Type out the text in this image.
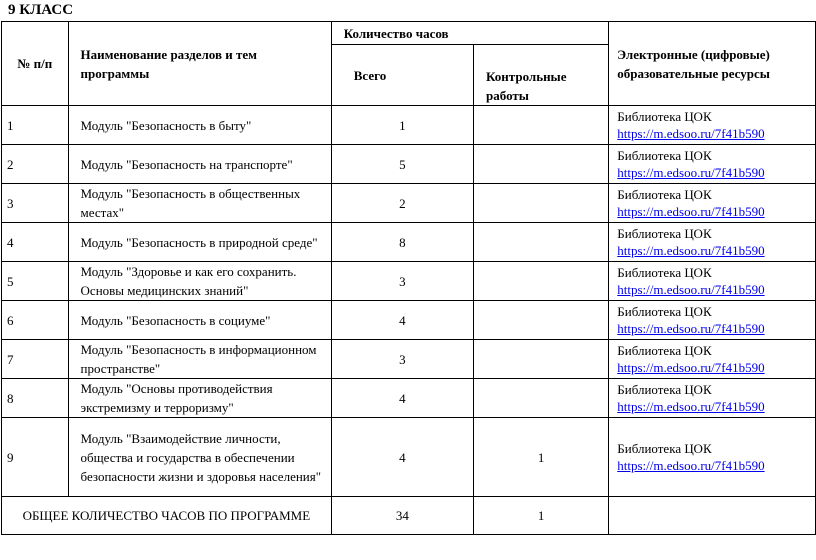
9 КЛАСС
№ п/п	Наименование разделов и тем программы	Количество часов		Электронные (цифровые) образовательные ресурсы
		Всего	Контрольные работы	
1	Модуль "Безопасность в быту"	1		Библиотека ЦОК
https://m.edsoo.ru/7f41b590

2	Модуль "Безопасность на транспорте"	5		Библиотека ЦОК
https://m.edsoo.ru/7f41b590

3	Модуль "Безопасность в общественных местах"	2		Библиотека ЦОК
https://m.edsoo.ru/7f41b590

4	Модуль "Безопасность в природной среде"	8		Библиотека ЦОК
https://m.edsoo.ru/7f41b590

5	Модуль "Здоровье и как его сохранить. Основы медицинских знаний"	3		Библиотека ЦОК
https://m.edsoo.ru/7f41b590

6	Модуль "Безопасность в социуме"	4		Библиотека ЦОК
https://m.edsoo.ru/7f41b590

7	Модуль "Безопасность в информационном пространстве"	3		Библиотека ЦОК
https://m.edsoo.ru/7f41b590

8	Модуль "Основы противодействия экстремизму и терроризму"	4		Библиотека ЦОК
https://m.edsoo.ru/7f41b590

9	Модуль "Взаимодействие личности, общества и государства в обеспечении безопасности жизни и здоровья населения"	4	1	Библиотека ЦОК
https://m.edsoo.ru/7f41b590

ОБЩЕЕ КОЛИЧЕСТВО ЧАСОВ ПО ПРОГРАММЕ		34	1	
